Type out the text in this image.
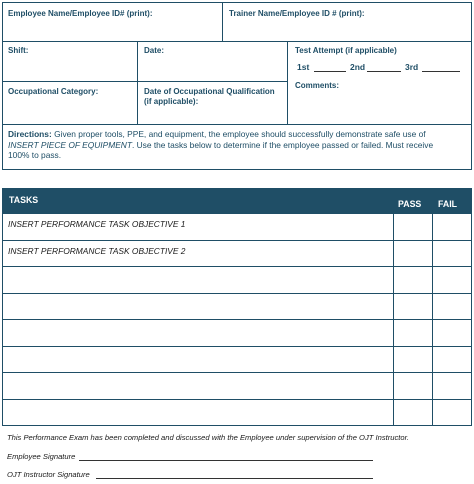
Employee Name/Employee ID# (print):	Trainer Name/Employee ID # (print):
Shift:	Date:	Test Attempt (if applicable)
1st	2nd	3rd
Comments:
Occupational Category:	Date of Occupational Qualification
(if applicable):
Directions: Given proper tools, PPE, and equipment, the employee should successfully demonstrate safe use of
INSERT PIECE OF EQUIPMENT. Use the tasks below to determine if the employee passed or failed. Must receive
100% to pass.
TASKS	PASS FAIL
INSERT PERFORMANCE TASK OBJECTIVE 1
INSERT PERFORMANCE TASK OBJECTIVE 2
This Performance Exam has been completed and discussed with the Employee under supervision of the OJT Instructor.
Employee Signature
OJT Instructor Signature
